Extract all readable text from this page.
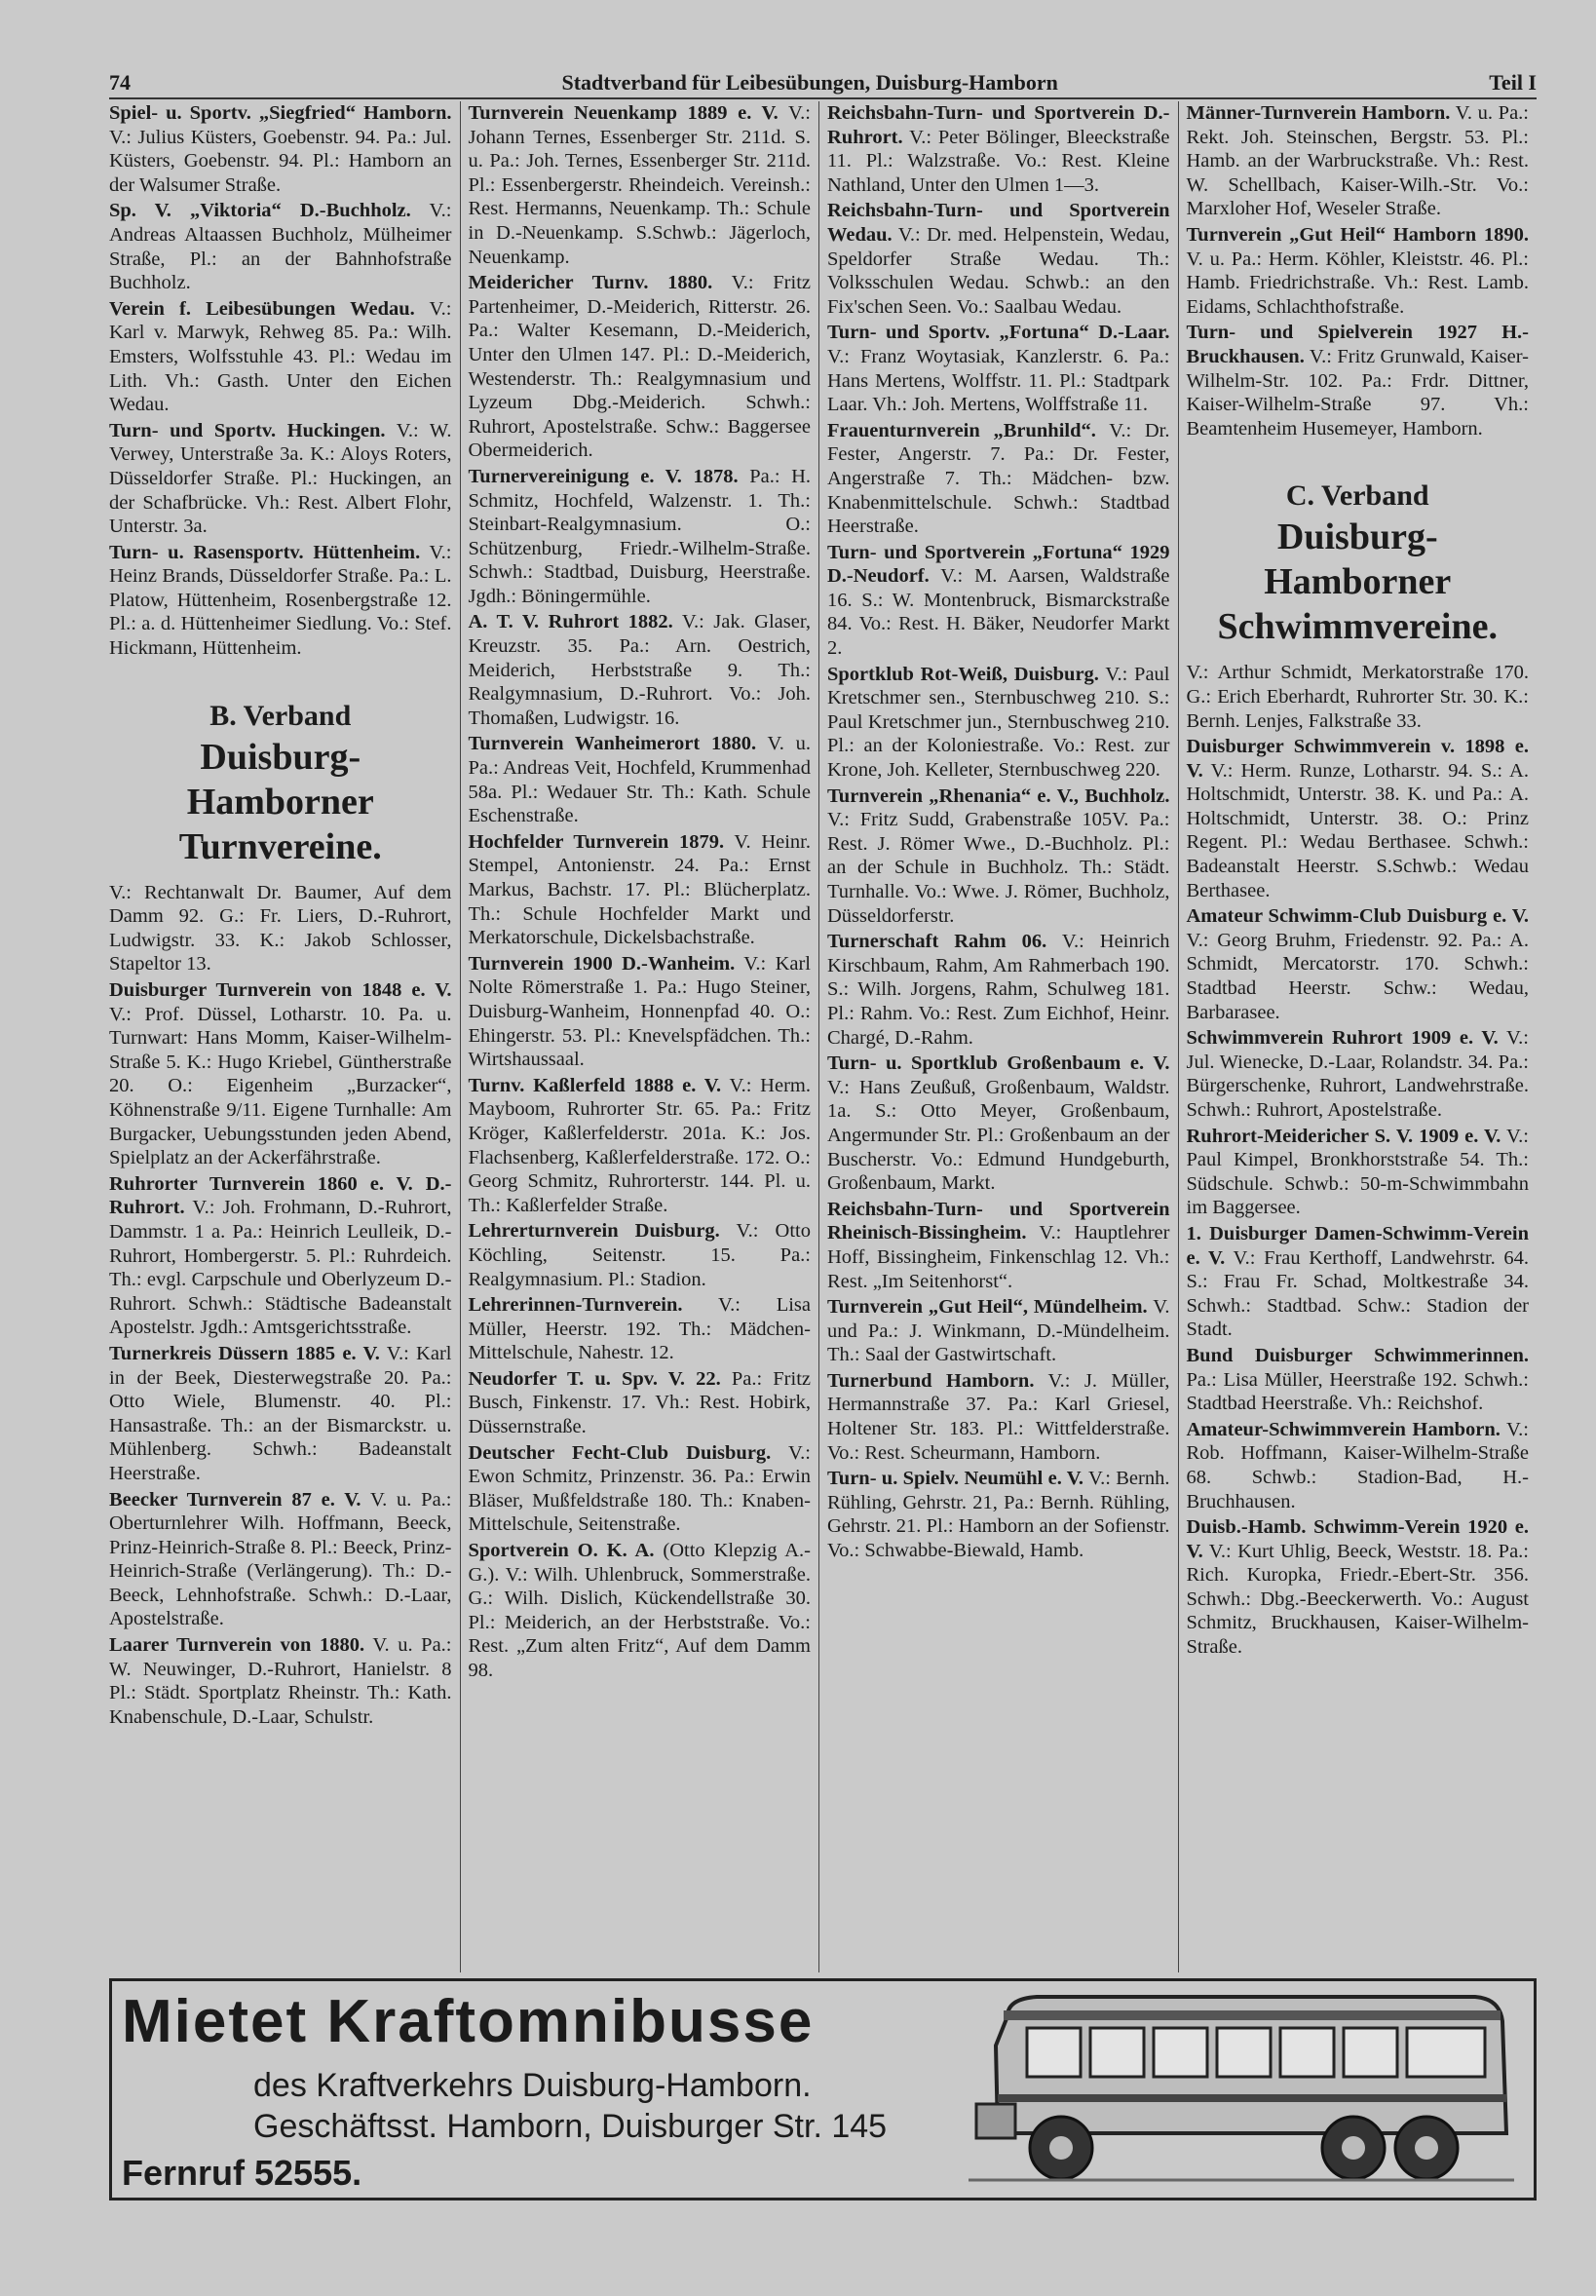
74	Stadtverband für Leibesübungen, Duisburg-Hamborn	Teil I

Spiel- u. Sportv. „Siegfried“ Hamborn. V.: Julius Küsters, Goebenstr. 94. Pa.: Jul. Küsters, Goebenstr. 94. Pl.: Hamborn an der Walsumer Straße.

Sp. V. „Viktoria“ D.-Buchholz. V.: Andreas Altaassen Buchholz, Mülheimer Straße, Pl.: an der Bahnhofstraße Buchholz.

Verein f. Leibesübungen Wedau. V.: Karl v. Marwyk, Rehweg 85. Pa.: Wilh. Emsters, Wolfsstuhle 43. Pl.: Wedau im Lith. Vh.: Gasth. Unter den Eichen Wedau.

Turn- und Sportv. Huckingen. V.: W. Verwey, Unterstraße 3a. K.: Aloys Roters, Düsseldorfer Straße. Pl.: Huckingen, an der Schafbrücke. Vh.: Rest. Albert Flohr, Unterstr. 3a.

Turn- u. Rasensportv. Hüttenheim. V.: Heinz Brands, Düsseldorfer Straße. Pa.: L. Platow, Hüttenheim, Rosenbergstraße 12. Pl.: a. d. Hüttenheimer Siedlung. Vo.: Stef. Hickmann, Hüttenheim.

B. Verband
Duisburg-Hamborner
Turnvereine.

V.: Rechtanwalt Dr. Baumer, Auf dem Damm 92. G.: Fr. Liers, D.-Ruhrort, Ludwigstr. 33. K.: Jakob Schlosser, Stapeltor 13.

Duisburger Turnverein von 1848 e. V. V.: Prof. Düssel, Lotharstr. 10. Pa. u. Turnwart: Hans Momm, Kaiser-Wilhelm-Straße 5. K.: Hugo Kriebel, Güntherstraße 20. O.: Eigenheim „Burzacker“, Köhnenstraße 9/11. Eigene Turnhalle: Am Burgacker, Uebungsstunden jeden Abend, Spielplatz an der Ackerfährstraße.

Ruhrorter Turnverein 1860 e. V. D.-Ruhrort. V.: Joh. Frohmann, D.-Ruhrort, Dammstr. 1 a. Pa.: Heinrich Leulleik, D.-Ruhrort, Hombergerstr. 5. Pl.: Ruhrdeich. Th.: evgl. Carpschule und Oberlyzeum D.-Ruhrort. Schwh.: Städtische Badeanstalt Apostelstr. Jgdh.: Amtsgerichtsstraße.

Turnerkreis Düssern 1885 e. V. V.: Karl in der Beek, Diesterwegstraße 20. Pa.: Otto Wiele, Blumenstr. 40. Pl.: Hansastraße. Th.: an der Bismarckstr. u. Mühlenberg. Schwh.: Badeanstalt Heerstraße.

Beecker Turnverein 87 e. V. V. u. Pa.: Oberturnlehrer Wilh. Hoffmann, Beeck, Prinz-Heinrich-Straße 8. Pl.: Beeck, Prinz-Heinrich-Straße (Verlängerung). Th.: D.-Beeck, Lehnhofstraße. Schwh.: D.-Laar, Apostelstraße.

Laarer Turnverein von 1880. V. u. Pa.: W. Neuwinger, D.-Ruhrort, Hanielstr. 8 Pl.: Städt. Sportplatz Rheinstr. Th.: Kath. Knabenschule, D.-Laar, Schulstr.

Turnverein Neuenkamp 1889 e. V. V.: Johann Ternes, Essenberger Str. 211d. S. u. Pa.: Joh. Ternes, Essenberger Str. 211d. Pl.: Essenbergerstr. Rheindeich. Vereinsh.: Rest. Hermanns, Neuenkamp. Th.: Schule in D.-Neuenkamp. S.Schwb.: Jägerloch, Neuenkamp.

Meidericher Turnv. 1880. V.: Fritz Partenheimer, D.-Meiderich, Ritterstr. 26. Pa.: Walter Kesemann, D.-Meiderich, Unter den Ulmen 147. Pl.: D.-Meiderich, Westenderstr. Th.: Realgymnasium und Lyzeum Dbg.-Meiderich. Schwh.: Ruhrort, Apostelstraße. Schw.: Baggersee Obermeiderich.

Turnervereinigung e. V. 1878. Pa.: H. Schmitz, Hochfeld, Walzenstr. 1. Th.: Steinbart-Realgymnasium. O.: Schützenburg, Friedr.-Wilhelm-Straße. Schwh.: Stadtbad, Duisburg, Heerstraße. Jgdh.: Böningermühle.

A. T. V. Ruhrort 1882. V.: Jak. Glaser, Kreuzstr. 35. Pa.: Arn. Oestrich, Meiderich, Herbststraße 9. Th.: Realgymnasium, D.-Ruhrort. Vo.: Joh. Thomaßen, Ludwigstr. 16.

Turnverein Wanheimerort 1880. V. u. Pa.: Andreas Veit, Hochfeld, Krummenhad 58a. Pl.: Wedauer Str. Th.: Kath. Schule Eschenstraße.

Hochfelder Turnverein 1879. V. Heinr. Stempel, Antonienstr. 24. Pa.: Ernst Markus, Bachstr. 17. Pl.: Blücherplatz. Th.: Schule Hochfelder Markt und Merkatorschule, Dickelsbachstraße.

Turnverein 1900 D.-Wanheim. V.: Karl Nolte Römerstraße 1. Pa.: Hugo Steiner, Duisburg-Wanheim, Honnenpfad 40. O.: Ehingerstr. 53. Pl.: Knevelspfädchen. Th.: Wirtshaussaal.

Turnv. Kaßlerfeld 1888 e. V. V.: Herm. Mayboom, Ruhrorter Str. 65. Pa.: Fritz Kröger, Kaßlerfelderstr. 201a. K.: Jos. Flachsenberg, Kaßlerfelderstraße. 172. O.: Georg Schmitz, Ruhrorterstr. 144. Pl. u. Th.: Kaßlerfelder Straße.

Lehrerturnverein Duisburg. V.: Otto Köchling, Seitenstr. 15. Pa.: Realgymnasium. Pl.: Stadion.

Lehrerinnen-Turnverein. V.: Lisa Müller, Heerstr. 192. Th.: Mädchen-Mittelschule, Nahestr. 12.

Neudorfer T. u. Spv. V. 22. Pa.: Fritz Busch, Finkenstr. 17. Vh.: Rest. Hobirk, Düssernstraße.

Deutscher Fecht-Club Duisburg. V.: Ewon Schmitz, Prinzenstr. 36. Pa.: Erwin Bläser, Mußfeldstraße 180. Th.: Knaben-Mittelschule, Seitenstraße.

Sportverein O. K. A. (Otto Klepzig A.-G.). V.: Wilh. Uhlenbruck, Sommerstraße. G.: Wilh. Dislich, Kückendellstraße 30. Pl.: Meiderich, an der Herbststraße. Vo.: Rest. „Zum alten Fritz“, Auf dem Damm 98.

Reichsbahn-Turn- und Sportverein D.-Ruhrort. V.: Peter Bölinger, Bleeckstraße 11. Pl.: Walzstraße. Vo.: Rest. Kleine Nathland, Unter den Ulmen 1—3.

Reichsbahn-Turn- und Sportverein Wedau. V.: Dr. med. Helpenstein, Wedau, Speldorfer Straße Wedau. Th.: Volksschulen Wedau. Schwb.: an den Fix'schen Seen. Vo.: Saalbau Wedau.

Turn- und Sportv. „Fortuna“ D.-Laar. V.: Franz Woytasiak, Kanzlerstr. 6. Pa.: Hans Mertens, Wolffstr. 11. Pl.: Stadtpark Laar. Vh.: Joh. Mertens, Wolffstraße 11.

Frauenturnverein „Brunhild“. V.: Dr. Fester, Angerstr. 7. Pa.: Dr. Fester, Angerstraße 7. Th.: Mädchen- bzw. Knabenmittelschule. Schwh.: Stadtbad Heerstraße.

Turn- und Sportverein „Fortuna“ 1929 D.-Neudorf. V.: M. Aarsen, Waldstraße 16. S.: W. Montenbruck, Bismarckstraße 84. Vo.: Rest. H. Bäker, Neudorfer Markt 2.

Sportklub Rot-Weiß, Duisburg. V.: Paul Kretschmer sen., Sternbuschweg 210. S.: Paul Kretschmer jun., Sternbuschweg 210. Pl.: an der Koloniestraße. Vo.: Rest. zur Krone, Joh. Kelleter, Sternbuschweg 220.

Turnverein „Rhenania“ e. V., Buchholz. V.: Fritz Sudd, Grabenstraße 105V. Pa.: Rest. J. Römer Wwe., D.-Buchholz. Pl.: an der Schule in Buchholz. Th.: Städt. Turnhalle. Vo.: Wwe. J. Römer, Buchholz, Düsseldorferstr.

Turnerschaft Rahm 06. V.: Heinrich Kirschbaum, Rahm, Am Rahmerbach 190. S.: Wilh. Jorgens, Rahm, Schulweg 181. Pl.: Rahm. Vo.: Rest. Zum Eichhof, Heinr. Chargé, D.-Rahm.

Turn- u. Sportklub Großenbaum e. V. V.: Hans Zeußuß, Großenbaum, Waldstr. 1a. S.: Otto Meyer, Großenbaum, Angermunder Str. Pl.: Großenbaum an der Buscherstr. Vo.: Edmund Hundgeburth, Großenbaum, Markt.

Reichsbahn-Turn- und Sportverein Rheinisch-Bissingheim. V.: Hauptlehrer Hoff, Bissingheim, Finkenschlag 12. Vh.: Rest. „Im Seitenhorst“.

Turnverein „Gut Heil“, Mündelheim. V. und Pa.: J. Winkmann, D.-Mündelheim. Th.: Saal der Gastwirtschaft.

Turnerbund Hamborn. V.: J. Müller, Hermannstraße 37. Pa.: Karl Griesel, Holtener Str. 183. Pl.: Wittfelderstraße. Vo.: Rest. Scheurmann, Hamborn.

Turn- u. Spielv. Neumühl e. V. V.: Bernh. Rühling, Gehrstr. 21, Pa.: Bernh. Rühling, Gehrstr. 21. Pl.: Hamborn an der Sofienstr. Vo.: Schwabbe-Biewald, Hamb.

Männer-Turnverein Hamborn. V. u. Pa.: Rekt. Joh. Steinschen, Bergstr. 53. Pl.: Hamb. an der Warbruckstraße. Vh.: Rest. W. Schellbach, Kaiser-Wilh.-Str. Vo.: Marxloher Hof, Weseler Straße.

Turnverein „Gut Heil“ Hamborn 1890. V. u. Pa.: Herm. Köhler, Kleiststr. 46. Pl.: Hamb. Friedrichstraße. Vh.: Rest. Lamb. Eidams, Schlachthofstraße.

Turn- und Spielverein 1927 H.-Bruckhausen. V.: Fritz Grunwald, Kaiser-Wilhelm-Str. 102. Pa.: Frdr. Dittner, Kaiser-Wilhelm-Straße 97. Vh.: Beamtenheim Husemeyer, Hamborn.

C. Verband
Duisburg-Hamborner
Schwimmvereine.

V.: Arthur Schmidt, Merkatorstraße 170. G.: Erich Eberhardt, Ruhrorter Str. 30. K.: Bernh. Lenjes, Falkstraße 33.

Duisburger Schwimmverein v. 1898 e. V. V.: Herm. Runze, Lotharstr. 94. S.: A. Holtschmidt, Unterstr. 38. K. und Pa.: A. Holtschmidt, Unterstr. 38. O.: Prinz Regent. Pl.: Wedau Berthasee. Schwh.: Badeanstalt Heerstr. S.Schwb.: Wedau Berthasee.

Amateur Schwimm-Club Duisburg e. V. V.: Georg Bruhm, Friedenstr. 92. Pa.: A. Schmidt, Mercatorstr. 170. Schwh.: Stadtbad Heerstr. Schw.: Wedau, Barbarasee.

Schwimmverein Ruhrort 1909 e. V. V.: Jul. Wienecke, D.-Laar, Rolandstr. 34. Pa.: Bürgerschenke, Ruhrort, Landwehrstraße. Schwh.: Ruhrort, Apostelstraße.

Ruhrort-Meidericher S. V. 1909 e. V. V.: Paul Kimpel, Bronkhorststraße 54. Th.: Südschule. Schwb.: 50-m-Schwimmbahn im Baggersee.

1. Duisburger Damen-Schwimm-Verein e. V. V.: Frau Kerthoff, Landwehrstr. 64. S.: Frau Fr. Schad, Moltkestraße 34. Schwh.: Stadtbad. Schw.: Stadion der Stadt.

Bund Duisburger Schwimmerinnen. Pa.: Lisa Müller, Heerstraße 192. Schwh.: Stadtbad Heerstraße. Vh.: Reichshof.

Amateur-Schwimmverein Hamborn. V.: Rob. Hoffmann, Kaiser-Wilhelm-Straße 68. Schwb.: Stadion-Bad, H.-Bruchhausen.

Duisb.-Hamb. Schwimm-Verein 1920 e. V. V.: Kurt Uhlig, Beeck, Weststr. 18. Pa.: Rich. Kuropka, Friedr.-Ebert-Str. 356. Schwh.: Dbg.-Beeckerwerth. Vo.: August Schmitz, Bruckhausen, Kaiser-Wilhelm-Straße.

Mietet Kraftomnibusse
des Kraftverkehrs Duisburg-Hamborn.
Geschäftsst. Hamborn, Duisburger Str. 145
Fernruf 52555.
